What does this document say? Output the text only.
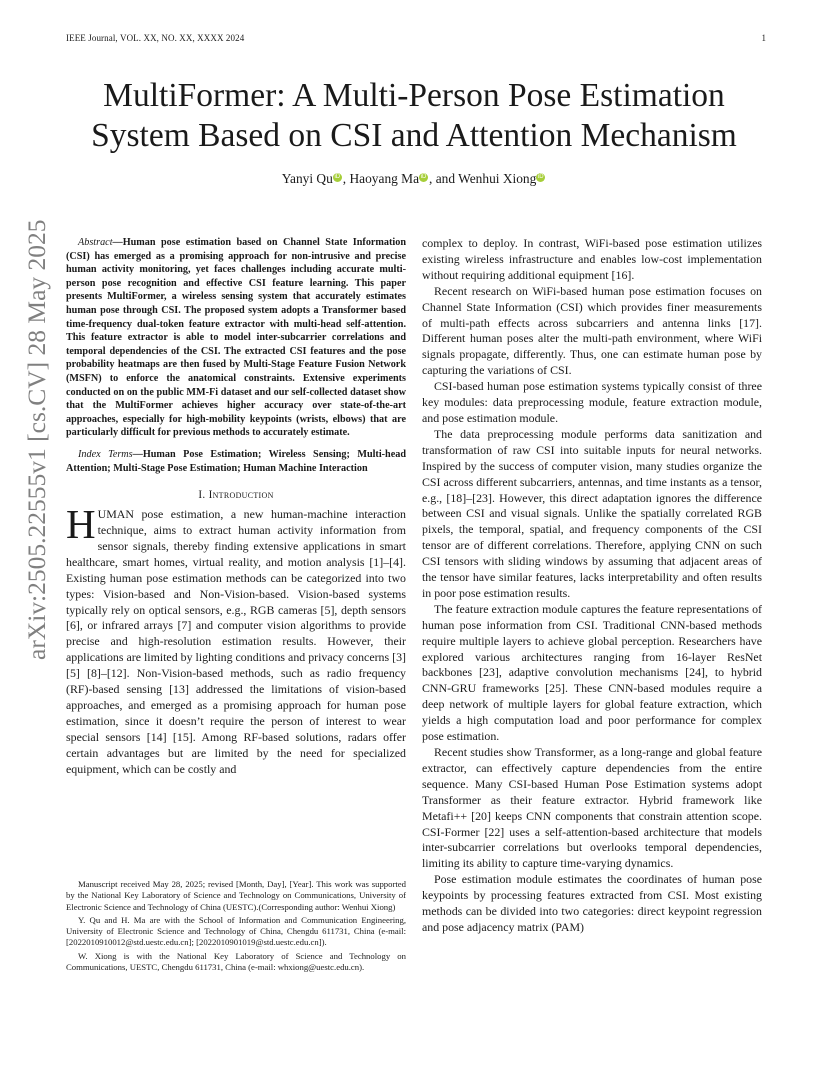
IEEE Journal, VOL. XX, NO. XX, XXXX 2024	1
arXiv:2505.22555v1 [cs.CV] 28 May 2025
MultiFormer: A Multi-Person Pose Estimation
System Based on CSI and Attention Mechanism
Yanyi Qu iD , Haoyang Ma iD , and Wenhui Xiong iD

Abstract—Human pose estimation based on Channel State Information (CSI) has emerged as a promising approach for non-intrusive and precise human activity monitoring, yet faces challenges including accurate multi-person pose recognition and effective CSI feature learning. This paper presents MultiFormer, a wireless sensing system that accurately estimates human pose through CSI. The proposed system adopts a Transformer based time-frequency dual-token feature extractor with multi-head self-attention. This feature extractor is able to model inter-subcarrier correlations and temporal dependencies of the CSI. The extracted CSI features and the pose probability heatmaps are then fused by Multi-Stage Feature Fusion Network (MSFN) to enforce the anatomical constraints. Extensive experiments conducted on on the public MM-Fi dataset and our self-collected dataset show that the MultiFormer achieves higher accuracy over state-of-the-art approaches, especially for high-mobility keypoints (wrists, elbows) that are particularly difficult for previous methods to accurately estimate.

Index Terms—Human Pose Estimation; Wireless Sensing; Multi-head Attention; Multi-Stage Pose Estimation; Human Machine Interaction

I. Introduction

HUMAN pose estimation, a new human-machine interaction technique, aims to extract human activity information from sensor signals, thereby finding extensive applications in smart healthcare, smart homes, virtual reality, and motion analysis [1]–[4]. Existing human pose estimation methods can be categorized into two types: Vision-based and Non-Vision-based. Vision-based systems typically rely on optical sensors, e.g., RGB cameras [5], depth sensors [6], or infrared arrays [7] and computer vision algorithms to provide precise and high-resolution estimation results. However, their applications are limited by lighting conditions and privacy concerns [3] [5] [8]–[12]. Non-Vision-based methods, such as radio frequency (RF)-based sensing [13] addressed the limitations of vision-based approaches, and emerged as a promising approach for human pose estimation, since it doesn’t require the person of interest to wear special sensors [14] [15]. Among RF-based solutions, radars offer certain advantages but are limited by the need for specialized equipment, which can be costly and

complex to deploy. In contrast, WiFi-based pose estimation utilizes existing wireless infrastructure and enables low-cost implementation without requiring additional equipment [16].

Recent research on WiFi-based human pose estimation focuses on Channel State Information (CSI) which provides finer measurements of multi-path effects across subcarriers and antenna links [17]. Different human poses alter the multi-path environment, where WiFi signals propagate, differently. Thus, one can estimate human pose by capturing the variations of CSI.

CSI-based human pose estimation systems typically consist of three key modules: data preprocessing module, feature extraction module, and pose estimation module.

The data preprocessing module performs data sanitization and transformation of raw CSI into suitable inputs for neural networks. Inspired by the success of computer vision, many studies organize the CSI across different subcarriers, antennas, and time instants as a tensor, e.g., [18]–[23]. However, this direct adaptation ignores the difference between CSI and visual signals. Unlike the spatially correlated RGB pixels, the temporal, spatial, and frequency components of the CSI tensor are of different correlations. Therefore, applying CNN on such CSI tensors with sliding windows by assuming that adjacent areas of the tensor have similar features, lacks interpretability and often results in poor pose estimation results.

The feature extraction module captures the feature representations of human pose information from CSI. Traditional CNN-based methods require multiple layers to achieve global perception. Researchers have explored various architectures ranging from 16-layer ResNet backbones [23], adaptive convolution mechanisms [24], to hybrid CNN-GRU frameworks [25]. These CNN-based modules require a deep network of multiple layers for global feature extraction, which yields a high computation load and poor performance for complex pose estimation.

Recent studies show Transformer, as a long-range and global feature extractor, can effectively capture dependencies from the entire sequence. Many CSI-based Human Pose Estimation systems adopt Transformer as their feature extractor. Hybrid framework like Metafi++ [20] keeps CNN components that constrain attention scope. CSI-Former [22] uses a self-attention-based architecture that models inter-subcarrier correlations but overlooks temporal dependencies, limiting its ability to capture time-varying dynamics.

Pose estimation module estimates the coordinates of human pose keypoints by processing features extracted from CSI. Most existing methods can be divided into two categories: direct keypoint regression and pose adjacency matrix (PAM)

Manuscript received May 28, 2025; revised [Month, Day], [Year]. This work was supported by the National Key Laboratory of Science and Technology on Communications, University of Electronic Science and Technology of China (UESTC).(Corresponding author: Wenhui Xiong)

Y. Qu and H. Ma are with the School of Information and Communication Engineering, University of Electronic Science and Technology of China, Chengdu 611731, China (e-mail: [2022010910012@std.uestc.edu.cn]; [2022010901019@std.uestc.edu.cn]).

W. Xiong is with the National Key Laboratory of Science and Technology on Communications, UESTC, Chengdu 611731, China (e-mail: whxiong@uestc.edu.cn).
